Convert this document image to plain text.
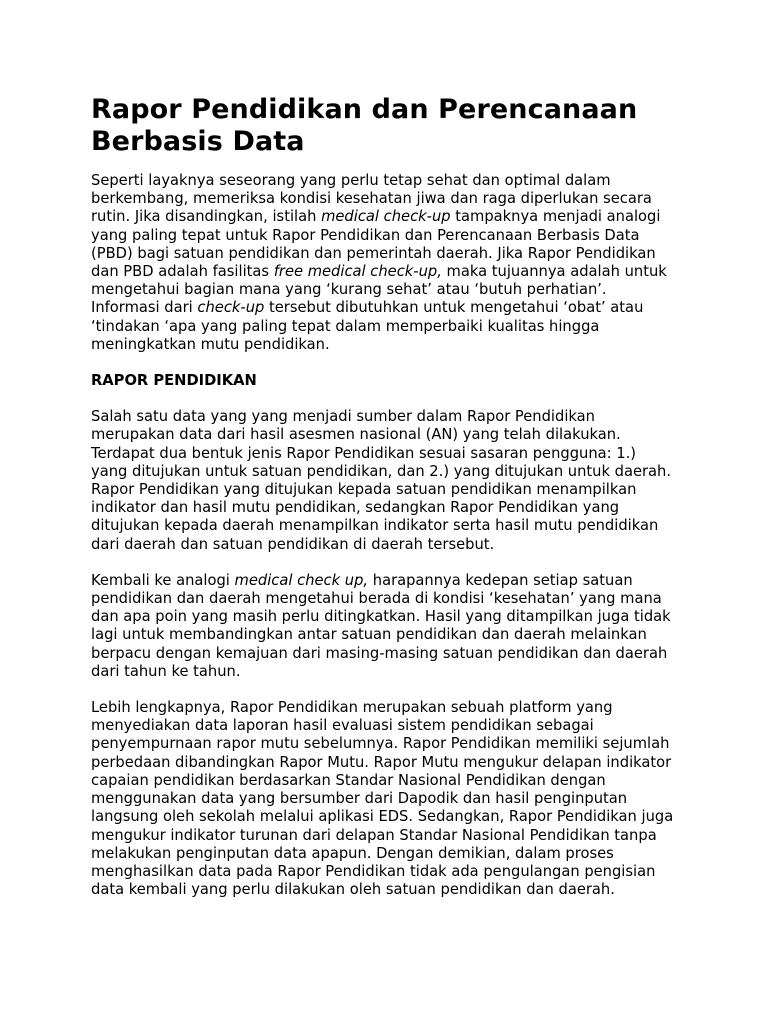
Rapor Pendidikan dan Perencanaan Berbasis Data

Seperti layaknya seseorang yang perlu tetap sehat dan optimal dalam berkembang, memeriksa kondisi kesehatan jiwa dan raga diperlukan secara rutin. Jika disandingkan, istilah medical check-up tampaknya menjadi analogi yang paling tepat untuk Rapor Pendidikan dan Perencanaan Berbasis Data (PBD) bagi satuan pendidikan dan pemerintah daerah. Jika Rapor Pendidikan dan PBD adalah fasilitas free medical check-up, maka tujuannya adalah untuk mengetahui bagian mana yang ‘kurang sehat’ atau ‘butuh perhatian’. Informasi dari check-up tersebut dibutuhkan untuk mengetahui ‘obat’ atau ‘tindakan ‘apa yang paling tepat dalam memperbaiki kualitas hingga meningkatkan mutu pendidikan.

RAPOR PENDIDIKAN

Salah satu data yang yang menjadi sumber dalam Rapor Pendidikan merupakan data dari hasil asesmen nasional (AN) yang telah dilakukan. Terdapat dua bentuk jenis Rapor Pendidikan sesuai sasaran pengguna: 1.) yang ditujukan untuk satuan pendidikan, dan 2.) yang ditujukan untuk daerah. Rapor Pendidikan yang ditujukan kepada satuan pendidikan menampilkan indikator dan hasil mutu pendidikan, sedangkan Rapor Pendidikan yang ditujukan kepada daerah menampilkan indikator serta hasil mutu pendidikan dari daerah dan satuan pendidikan di daerah tersebut.

Kembali ke analogi medical check up, harapannya kedepan setiap satuan pendidikan dan daerah mengetahui berada di kondisi ‘kesehatan’ yang mana dan apa poin yang masih perlu ditingkatkan. Hasil yang ditampilkan juga tidak lagi untuk membandingkan antar satuan pendidikan dan daerah melainkan berpacu dengan kemajuan dari masing-masing satuan pendidikan dan daerah dari tahun ke tahun.

Lebih lengkapnya, Rapor Pendidikan merupakan sebuah platform yang menyediakan data laporan hasil evaluasi sistem pendidikan sebagai penyempurnaan rapor mutu sebelumnya. Rapor Pendidikan memiliki sejumlah perbedaan dibandingkan Rapor Mutu. Rapor Mutu mengukur delapan indikator capaian pendidikan berdasarkan Standar Nasional Pendidikan dengan menggunakan data yang bersumber dari Dapodik dan hasil penginputan langsung oleh sekolah melalui aplikasi EDS. Sedangkan, Rapor Pendidikan juga mengukur indikator turunan dari delapan Standar Nasional Pendidikan tanpa melakukan penginputan data apapun. Dengan demikian, dalam proses menghasilkan data pada Rapor Pendidikan tidak ada pengulangan pengisian data kembali yang perlu dilakukan oleh satuan pendidikan dan daerah.
